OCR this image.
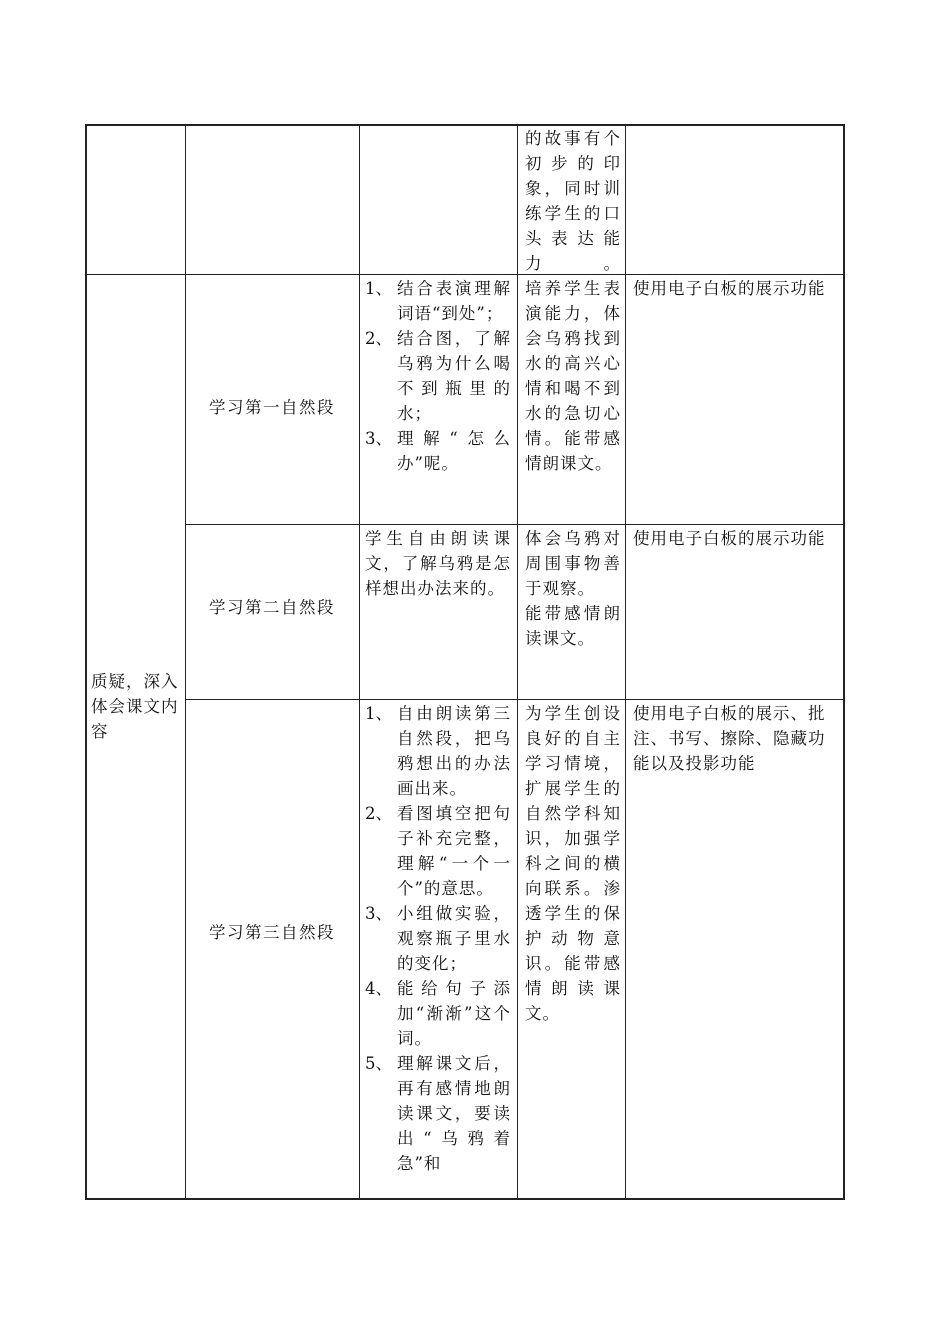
的故事有个初步的印象，同时训练学生的口头表达能力。
质疑，深入体会课文内容
学习第一自然段
1、 结合表演理解词语“到处”；
2、 结合图，了解乌鸦为什么喝不到瓶里的水；
3、 理解“怎么办”呢。
培养学生表演能力，体会乌鸦找到水的高兴心情和喝不到水的急切心情。能带感情朗课文。
使用电子白板的展示功能
学习第二自然段
学生自由朗读课文，了解乌鸦是怎样想出办法来的。
体会乌鸦对周围事物善于观察。
能带感情朗读课文。
使用电子白板的展示功能
学习第三自然段
1、 自由朗读第三自然段，把乌鸦想出的办法画出来。
2、 看图填空把句子补充完整，理解“一个一个”的意思。
3、 小组做实验，观察瓶子里水的变化；
4、 能给句子添加“渐渐”这个词。
5、 理解课文后，再有感情地朗读课文，要读出“乌鸦着急”和
为学生创设良好的自主学习情境，扩展学生的自然学科知识，加强学科之间的横向联系。渗透学生的保护动物意识。能带感情朗读课文。
使用电子白板的展示、批注、书写、擦除、隐藏功能以及投影功能
